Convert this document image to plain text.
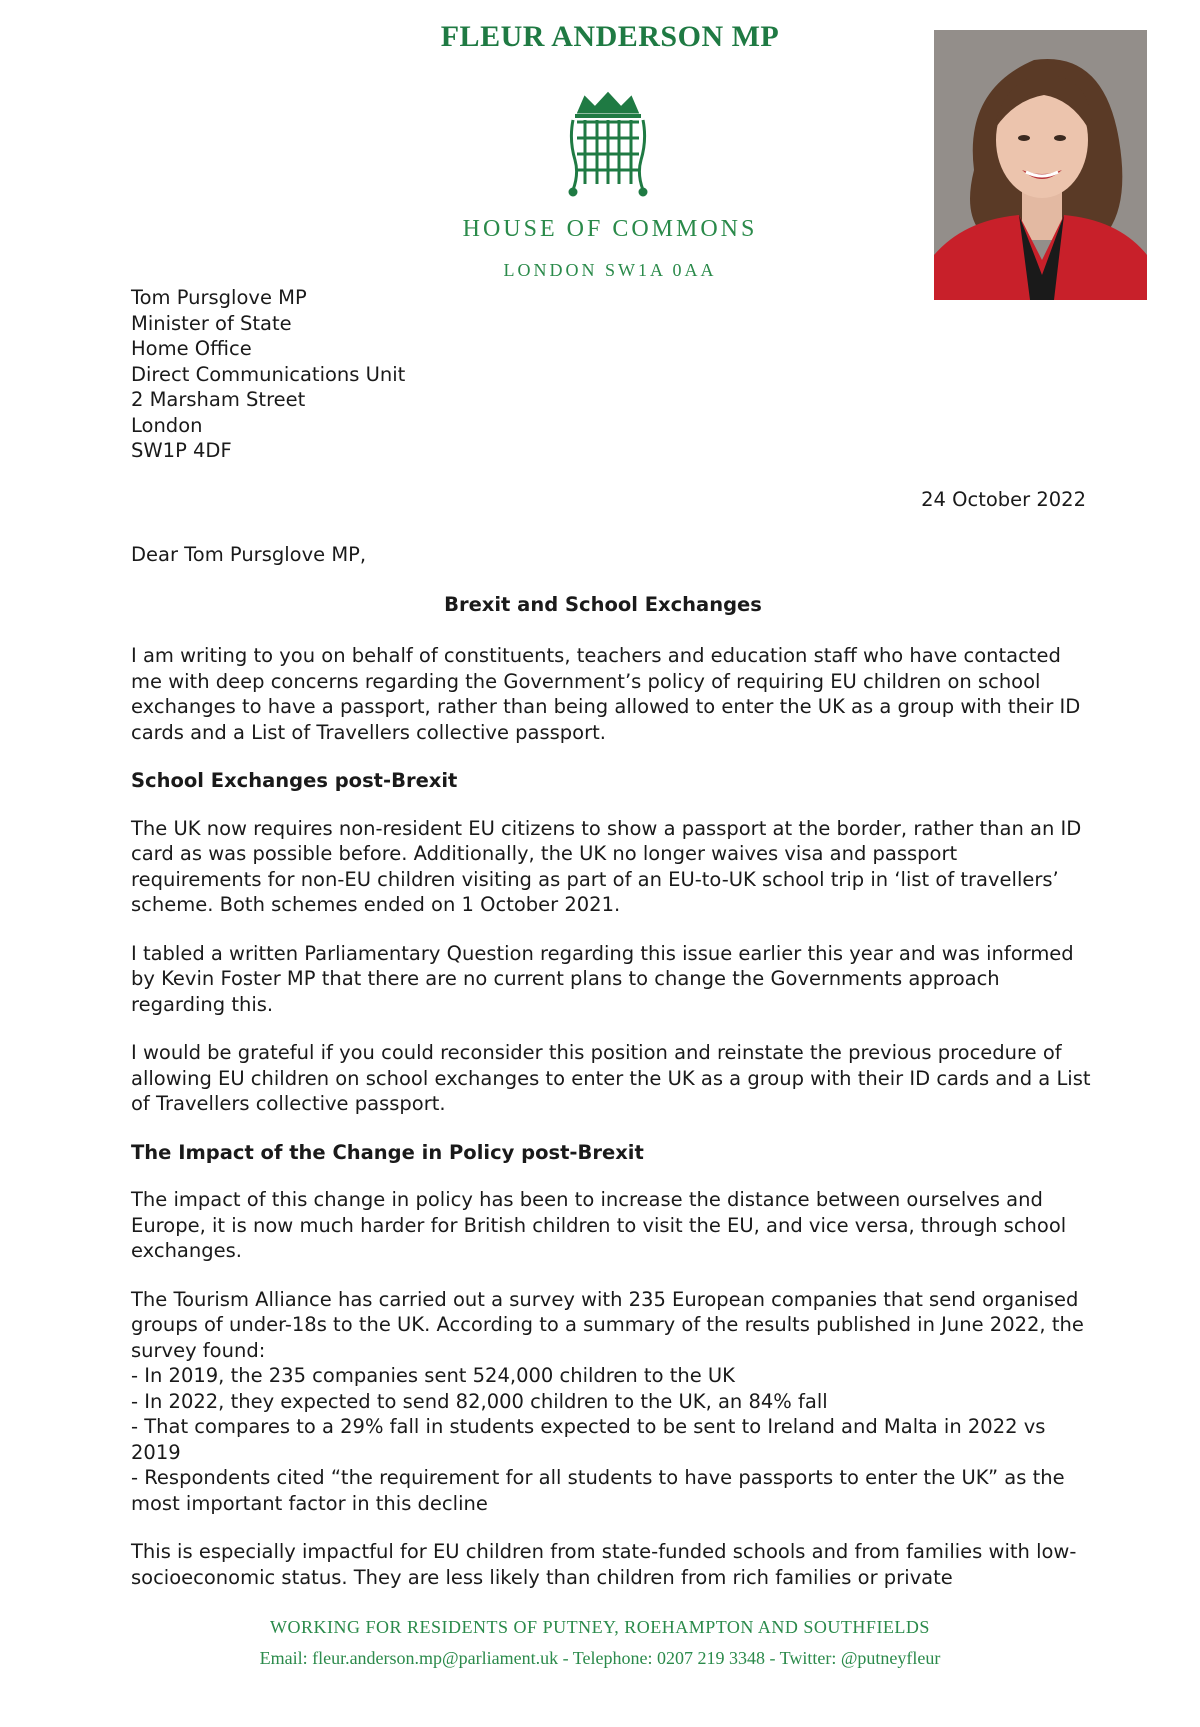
FLEUR ANDERSON MP
HOUSE OF COMMONS
LONDON SW1A 0AA
Tom Pursglove MP
Minister of State
Home Office
Direct Communications Unit
2 Marsham Street
London
SW1P 4DF
24 October 2022
Dear Tom Pursglove MP,
Brexit and School Exchanges

I am writing to you on behalf of constituents, teachers and education staff who have contacted me with deep concerns regarding the Government’s policy of requiring EU children on school exchanges to have a passport, rather than being allowed to enter the UK as a group with their ID cards and a List of Travellers collective passport.

School Exchanges post-Brexit

The UK now requires non-resident EU citizens to show a passport at the border, rather than an ID card as was possible before. Additionally, the UK no longer waives visa and passport requirements for non-EU children visiting as part of an EU-to-UK school trip in ‘list of travellers’ scheme. Both schemes ended on 1 October 2021.

I tabled a written Parliamentary Question regarding this issue earlier this year and was informed by Kevin Foster MP that there are no current plans to change the Governments approach regarding this.

I would be grateful if you could reconsider this position and reinstate the previous procedure of allowing EU children on school exchanges to enter the UK as a group with their ID cards and a List of Travellers collective passport.

The Impact of the Change in Policy post-Brexit

The impact of this change in policy has been to increase the distance between ourselves and Europe, it is now much harder for British children to visit the EU, and vice versa, through school exchanges.

The Tourism Alliance has carried out a survey with 235 European companies that send organised groups of under-18s to the UK. According to a summary of the results published in June 2022, the survey found:

- In 2019, the 235 companies sent 524,000 children to the UK
- In 2022, they expected to send 82,000 children to the UK, an 84% fall
- That compares to a 29% fall in students expected to be sent to Ireland and Malta in 2022 vs 2019
- Respondents cited “the requirement for all students to have passports to enter the UK” as the most important factor in this decline

This is especially impactful for EU children from state-funded schools and from families with low-socioeconomic status. They are less likely than children from rich families or private

WORKING FOR RESIDENTS OF PUTNEY, ROEHAMPTON AND SOUTHFIELDS
Email: fleur.anderson.mp@parliament.uk - Telephone: 0207 219 3348 - Twitter: @putneyfleur
